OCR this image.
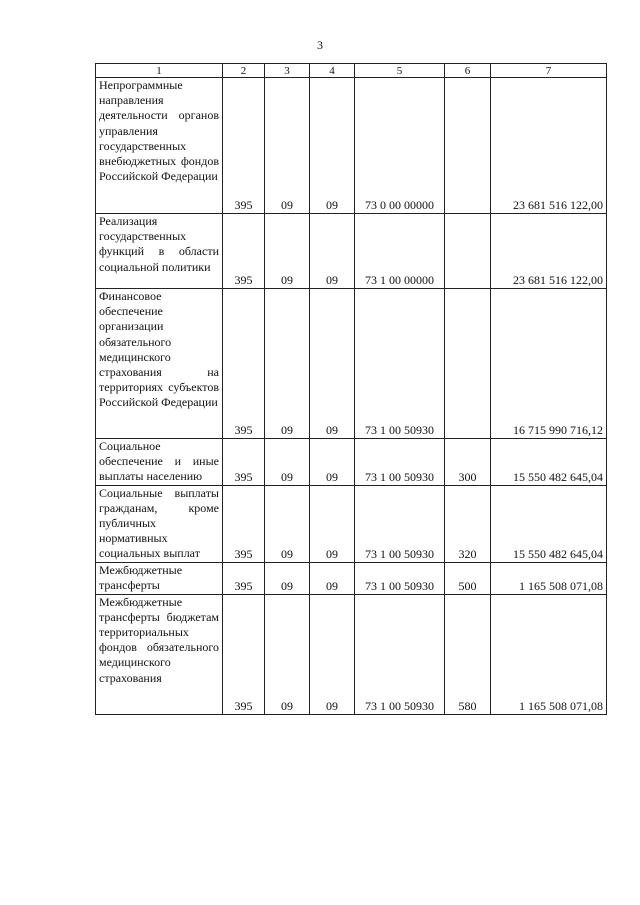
3
1	2	3	4	5	6	7
Непрограммные направления деятельности органов управления государственных внебюджетных фондов Российской Федерации	395	09	09	73 0 00 00000		23 681 516 122,00
Реализация государственных функций в области социальной политики	395	09	09	73 1 00 00000		23 681 516 122,00
Финансовое обеспечение организации обязательного медицинского страхования на территориях субъектов Российской Федерации	395	09	09	73 1 00 50930		16 715 990 716,12
Социальное обеспечение и иные выплаты населению	395	09	09	73 1 00 50930	300	15 550 482 645,04
Социальные выплаты гражданам, кроме публичных нормативных социальных выплат	395	09	09	73 1 00 50930	320	15 550 482 645,04
Межбюджетные трансферты	395	09	09	73 1 00 50930	500	1 165 508 071,08
Межбюджетные трансферты бюджетам территориальных фондов обязательного медицинского страхования	395	09	09	73 1 00 50930	580	1 165 508 071,08
